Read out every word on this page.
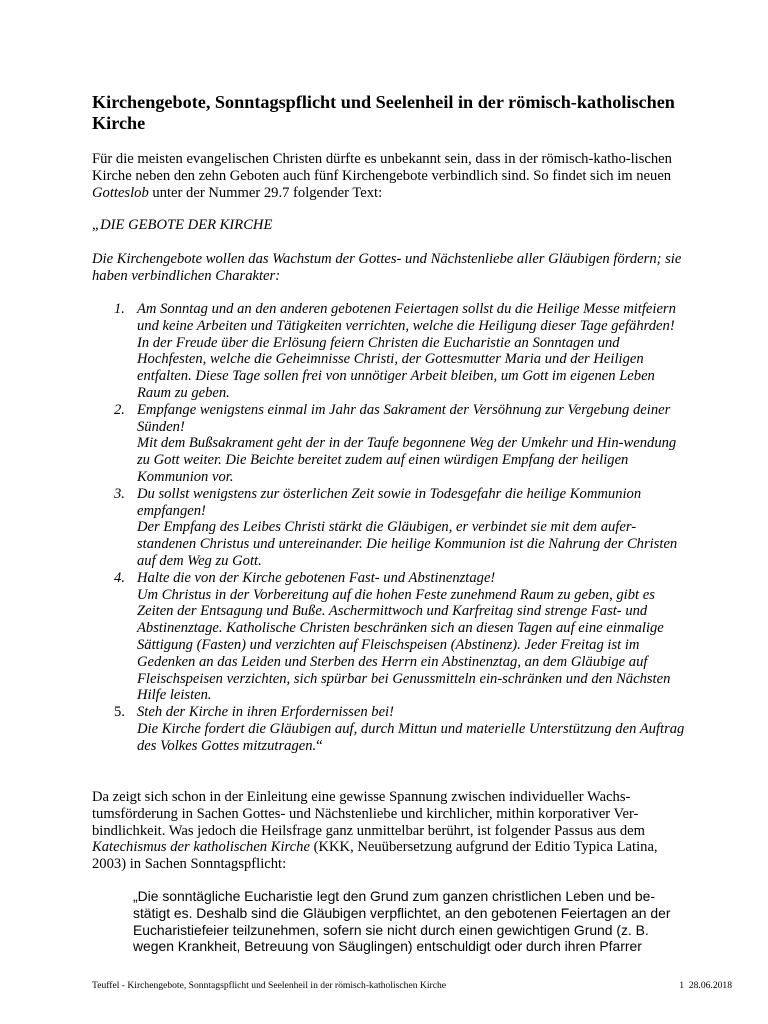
Kirchengebote, Sonntagspflicht und Seelenheil in der römisch-katholischen Kirche

Für die meisten evangelischen Christen dürfte es unbekannt sein, dass in der römisch-katho-lischen Kirche neben den zehn Geboten auch fünf Kirchengebote verbindlich sind. So findet sich im neuen Gotteslob unter der Nummer 29.7 folgender Text:

„DIE GEBOTE DER KIRCHE

Die Kirchengebote wollen das Wachstum der Gottes- und Nächstenliebe aller Gläubigen fördern; sie haben verbindlichen Charakter:

1. Am Sonntag und an den anderen gebotenen Feiertagen sollst du die Heilige Messe mitfeiern und keine Arbeiten und Tätigkeiten verrichten, welche die Heiligung dieser Tage gefährden!
In der Freude über die Erlösung feiern Christen die Eucharistie an Sonntagen und Hochfesten, welche die Geheimnisse Christi, der Gottesmutter Maria und der Heiligen entfalten. Diese Tage sollen frei von unnötiger Arbeit bleiben, um Gott im eigenen Leben Raum zu geben.
2. Empfange wenigstens einmal im Jahr das Sakrament der Versöhnung zur Vergebung deiner Sünden!
Mit dem Bußsakrament geht der in der Taufe begonnene Weg der Umkehr und Hin-wendung zu Gott weiter. Die Beichte bereitet zudem auf einen würdigen Empfang der heiligen Kommunion vor.
3. Du sollst wenigstens zur österlichen Zeit sowie in Todesgefahr die heilige Kommunion empfangen!
Der Empfang des Leibes Christi stärkt die Gläubigen, er verbindet sie mit dem aufer-standenen Christus und untereinander. Die heilige Kommunion ist die Nahrung der Christen auf dem Weg zu Gott.
4. Halte die von der Kirche gebotenen Fast- und Abstinenztage!
Um Christus in der Vorbereitung auf die hohen Feste zunehmend Raum zu geben, gibt es Zeiten der Entsagung und Buße. Aschermittwoch und Karfreitag sind strenge Fast- und Abstinenztage. Katholische Christen beschränken sich an diesen Tagen auf eine einmalige Sättigung (Fasten) und verzichten auf Fleischspeisen (Abstinenz). Jeder Freitag ist im Gedenken an das Leiden und Sterben des Herrn ein Abstinenztag, an dem Gläubige auf Fleischspeisen verzichten, sich spürbar bei Genussmitteln ein-schränken und den Nächsten Hilfe leisten.
5. Steh der Kirche in ihren Erfordernissen bei!
Die Kirche fordert die Gläubigen auf, durch Mittun und materielle Unterstützung den Auftrag des Volkes Gottes mitzutragen.“

Da zeigt sich schon in der Einleitung eine gewisse Spannung zwischen individueller Wachs-tumsförderung in Sachen Gottes- und Nächstenliebe und kirchlicher, mithin korporativer Ver-bindlichkeit. Was jedoch die Heilsfrage ganz unmittelbar berührt, ist folgender Passus aus dem Katechismus der katholischen Kirche (KKK, Neuübersetzung aufgrund der Editio Typica Latina, 2003) in Sachen Sonntagspflicht:

„Die sonntägliche Eucharistie legt den Grund zum ganzen christlichen Leben und be-stätigt es. Deshalb sind die Gläubigen verpflichtet, an den gebotenen Feiertagen an der Eucharistiefeier teilzunehmen, sofern sie nicht durch einen gewichtigen Grund (z. B. wegen Krankheit, Betreuung von Säuglingen) entschuldigt oder durch ihren Pfarrer

Teuffel - Kirchengebote, Sonntagspflicht und Seelenheil in der römisch-katholischen Kirche	1 28.06.2018
